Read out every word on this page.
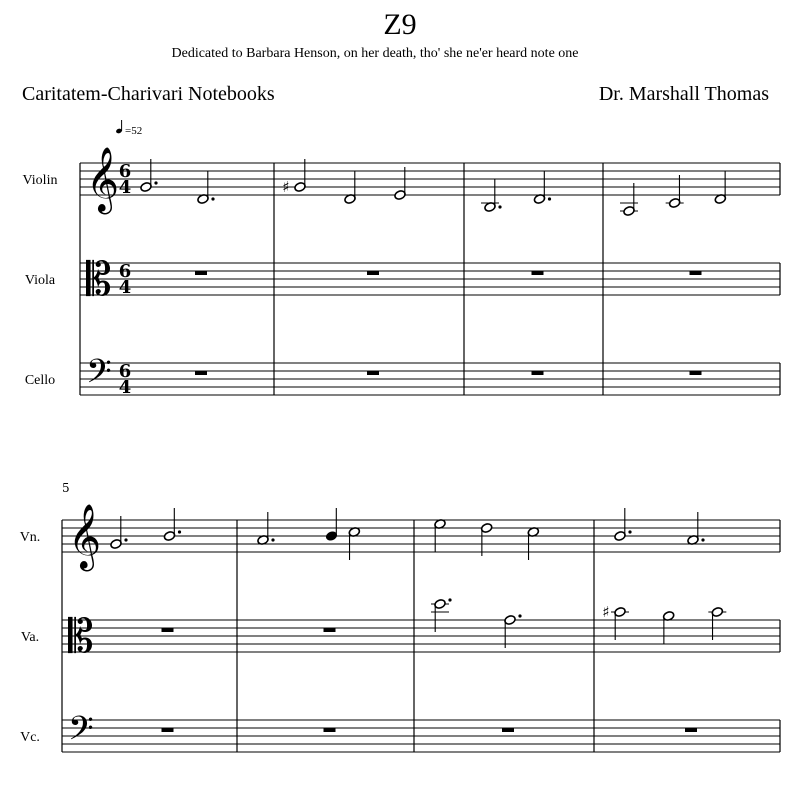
Z9
Dedicated to Barbara Henson, on her death, tho' she ne'er heard note one
Caritatem-Charivari Notebooks	Dr. Marshall Thomas
Violin 𝄞 6
4
Viola 𝄡 6
4
Cello 𝄢 6
4
=52
♯
5
Vn. 𝄞
Va. 𝄡
Vc. 𝄢
♯
